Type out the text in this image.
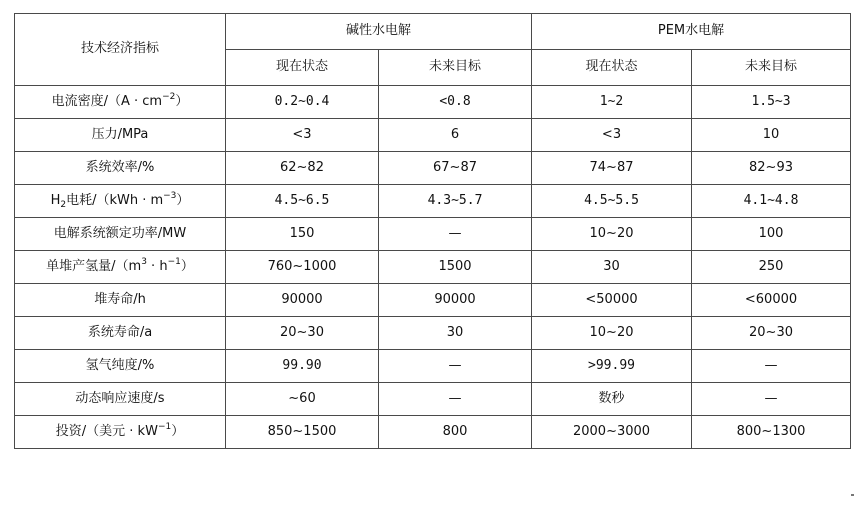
技术经济指标	碱性水电解		PEM水电解	
	现在状态	未来目标	现在状态	未来目标
电流密度$/(A \cdot cm^{-2})$	0.2~0.4	<0.8	1~2	1.5~3
压力/MPa	<3	6	<3	10
系统效率/%	62~82	67~87	74~87	82~93
$H_2$电耗$/(kWh \cdot m^{-3})$	4.5~6.5	4.3~5.7	4.5~5.5	4.1~4.8
电解系统额定功率/MW	150	—	10~20	100
单堆产氢量$/(m^3 \cdot h^{-1})$	760~1000	1500	30	250
堆寿命/h	90000	90000	<50000	<60000
系统寿命/a	20~30	30	10~20	20~30
氢气纯度/%	99.90	—	>99.99	—
动态响应速度/s	~60	—	数秒	—
投资/（美元 · $kW^{-1}$）	850~1500	800	2000~3000	800~1300
